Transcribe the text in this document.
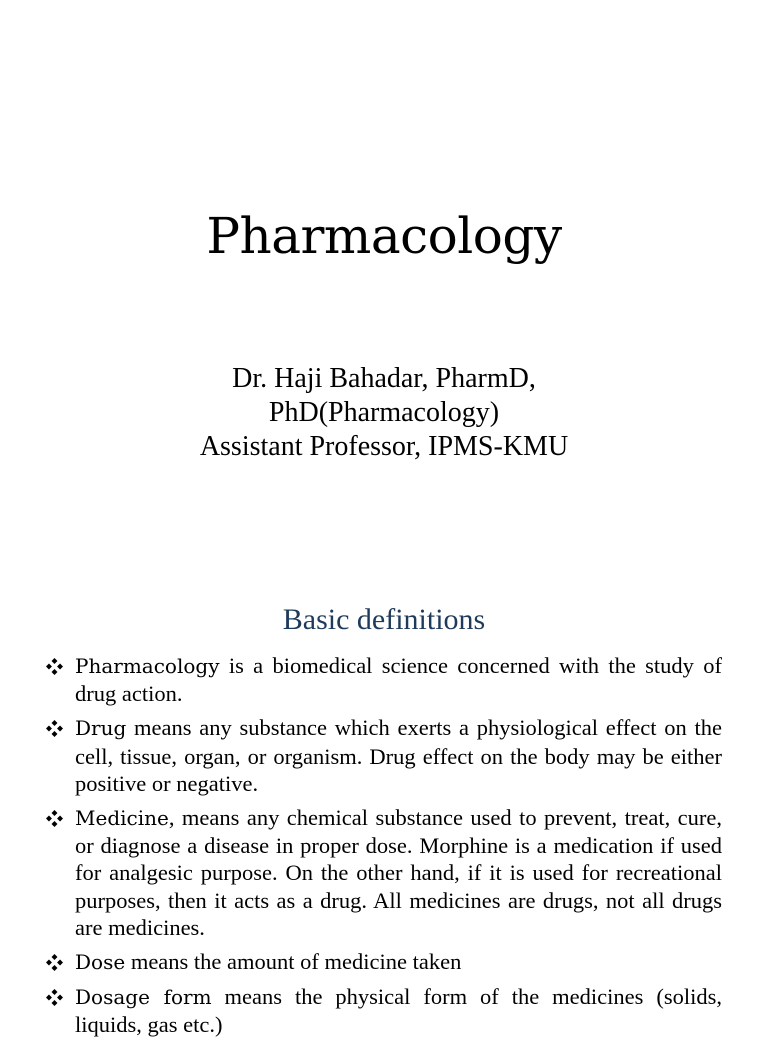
Pharmacology
Dr. Haji Bahadar, PharmD,
PhD(Pharmacology)
Assistant Professor, IPMS-KMU
Basic definitions
Pharmacology is a biomedical science concerned with the study of drug action.
Drug means any substance which exerts a physiological effect on the cell, tissue, organ, or organism. Drug effect on the body may be either positive or negative.
Medicine, means any chemical substance used to prevent, treat, cure, or diagnose a disease in proper dose. Morphine is a medication if used for analgesic purpose. On the other hand, if it is used for recreational purposes, then it acts as a drug. All medicines are drugs, not all drugs are medicines.
Dose means the amount of medicine taken
Dosage form means the physical form of the medicines (solids, liquids, gas etc.)
